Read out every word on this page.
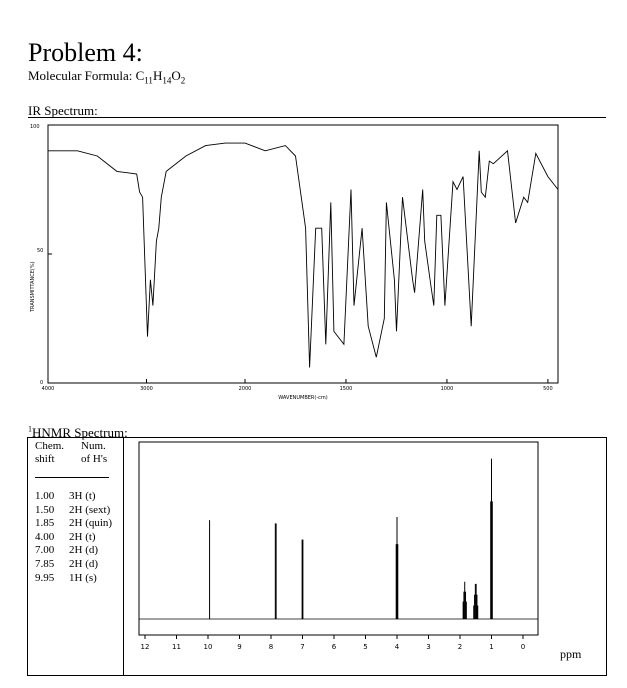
Problem 4:
Molecular Formula: $C_{11}H_{14}O_2$
IR Spectrum:
TRANSMITTANCE(%)
100
50
0
4000	3000	2000	1500	1000	500
WAVENUMBER(-cm)
$^1$HNMR Spectrum:
Chem.
shift
Num.
of H's
1.00 3H (t)
1.50 2H (sext)
1.85 2H (quin)
4.00 2H (t)
7.00 2H (d)
7.85 2H (d)
9.95 1H (s)
12	11	10	9	8	7	6	5	4	3	2	1	0	ppm
